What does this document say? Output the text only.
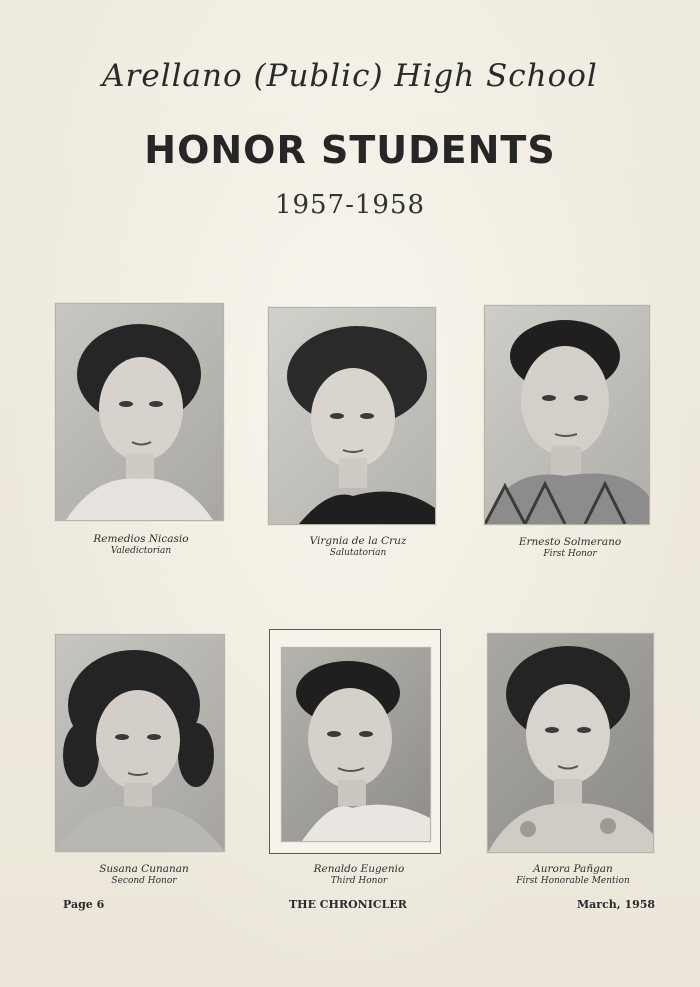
Arellano (Public) High School
HONOR STUDENTS
1957-1958
Remedios Nicasio
Valedictorian
Virgnia de la Cruz
Salutatorian
Ernesto Solmerano
First Honor
Susana Cunanan
Second Honor
Renaldo Eugenio
Third Honor
Aurora Pañgan
First Honorable Mention
Page 6	THE CHRONICLER	March, 1958
